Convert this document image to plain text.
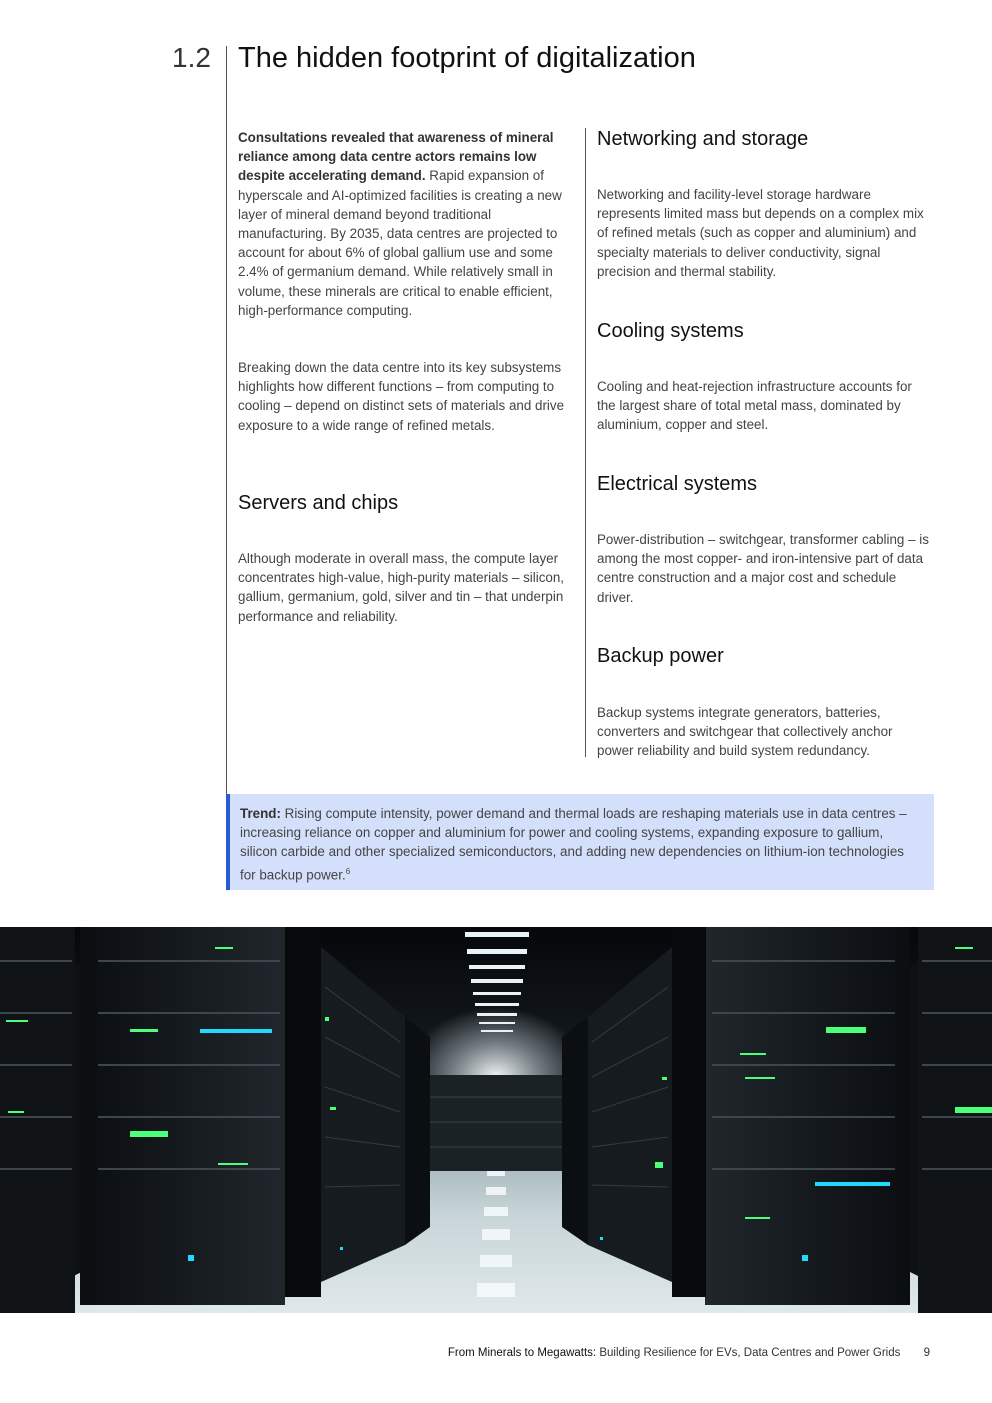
1.2 The hidden footprint of digitalization
Consultations revealed that awareness of mineral reliance among data centre actors remains low despite accelerating demand. Rapid expansion of hyperscale and AI-optimized facilities is creating a new layer of mineral demand beyond traditional manufacturing. By 2035, data centres are projected to account for about 6% of global gallium use and some 2.4% of germanium demand. While relatively small in volume, these minerals are critical to enable efficient, high-performance computing.
Breaking down the data centre into its key subsystems highlights how different functions – from computing to cooling – depend on distinct sets of materials and drive exposure to a wide range of refined metals.
Servers and chips
Although moderate in overall mass, the compute layer concentrates high-value, high-purity materials – silicon, gallium, germanium, gold, silver and tin – that underpin performance and reliability.
Networking and storage
Networking and facility-level storage hardware represents limited mass but depends on a complex mix of refined metals (such as copper and aluminium) and specialty materials to deliver conductivity, signal precision and thermal stability.
Cooling systems
Cooling and heat-rejection infrastructure accounts for the largest share of total metal mass, dominated by aluminium, copper and steel.
Electrical systems
Power-distribution – switchgear, transformer cabling – is among the most copper- and iron-intensive part of data centre construction and a major cost and schedule driver.
Backup power
Backup systems integrate generators, batteries, converters and switchgear that collectively anchor power reliability and build system redundancy.
Trend: Rising compute intensity, power demand and thermal loads are reshaping materials use in data centres – increasing reliance on copper and aluminium for power and cooling systems, expanding exposure to gallium, silicon carbide and other specialized semiconductors, and adding new dependencies on lithium-ion technologies for backup power.$^6$
From Minerals to Megawatts: Building Resilience for EVs, Data Centres and Power Grids 9
